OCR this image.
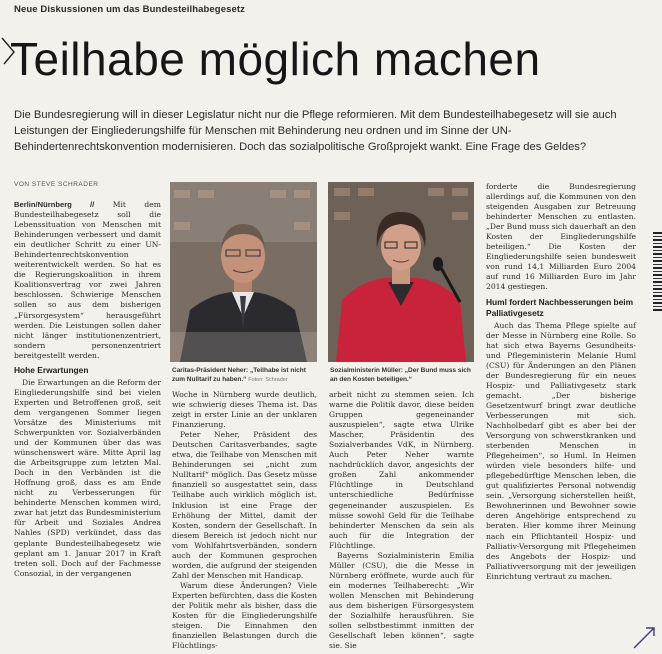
Neue Diskussionen um das Bundesteilhabegesetz
Teilhabe möglich machen

Die Bundesregierung will in dieser Legislatur nicht nur die Pflege reformieren. Mit dem Bundesteilhabegesetz will sie auch Leistungen der Eingliederungshilfe für Menschen mit Behinderung neu ordnen und im Sinne der UN-Behindertenrechtskonvention modernisieren. Doch das sozialpolitische Großprojekt wankt. Eine Frage des Geldes?

VON STEVE SCHRADER

Berlin/Nürnberg // Mit dem Bundesteilhabegesetz soll die Lebenssituation von Menschen mit Behinderungen verbessert und damit ein deutlicher Schritt zu einer UN-Behindertenrechtskonvention weiterentwickelt werden. So hat es die Regierungskoalition in ihrem Koalitionsvertrag vor zwei Jahren beschlossen. Schwierige Menschen sollen so aus dem bisherigen „Fürsorgesystem“ herausgeführt werden. Die Leistungen sollen daher nicht länger institutionenzentriert, sondern personenzentriert bereitgestellt werden.

Hohe Erwartungen

Die Erwartungen an die Reform der Eingliederungshilfe sind bei vielen Experten und Betroffenen groß, seit dem vergangenen Sommer liegen Vorsätze des Ministeriums mit Schwerpunkten vor. Sozialverbänden und der Kommunen über das was wünschenswert wäre. Mitte April lag die Arbeitsgruppe zum letzten Mal. Doch in den Verbänden ist die Hoffnung groß, dass es am Ende nicht zu Verbesserungen für behinderte Menschen kommen wird, zwar hat jetzt das Bundesministerium für Arbeit und Soziales Andrea Nahles (SPD) verkündet, dass das geplante Bundesteilhabegesetz wie geplant am 1. Januar 2017 in Kraft treten soll. Doch auf der Fachmesse Consozial, in der vergangenen

Caritas-Präsident Neher: „Teilhabe ist nicht zum Nulltarif zu haben.“ Foton: Schrader
Sozialministerin Müller: „Der Bund muss sich an den Kosten beteiligen.“

Woche in Nürnberg wurde deutlich, wie schwierig dieses Thema ist. Das zeigt in erster Linie an der unklaren Finanzierung.

Peter Neher, Präsident des Deutschen Caritasverbandes, sagte etwa, die Teilhabe von Menschen mit Behinderungen sei „nicht zum Nulltarif“ möglich. Das Gesetz müsse finanziell so ausgestattet sein, dass Teilhabe auch wirklich möglich ist. Inklusion ist eine Frage der Erhöhung der Mittel, damit der Kosten, sondern der Gesellschaft. In diesem Bereich ist jedoch nicht nur vom Wohlfahrtsverbänden, sondern auch der Kommunen gesprochen worden, die aufgrund der steigenden Zahl der Menschen mit Handicap.

Warum diese Änderungen? Viele Experten befürchten, dass die Kosten der Politik mehr als bisher, dass die Kosten für die Eingliederungshilfe steigen. Die Einnahmen den finanziellen Belastungen durch die Flüchtlings-

arbeit nicht zu stemmen seien. Ich warne die Politik davor, diese beiden Gruppen gegeneinander auszuspielen“, sagte etwa Ulrike Mascher, Präsidentin des Sozialverbandes VdK, in Nürnberg. Auch Peter Neher warnte nachdrücklich davor, angesichts der großen Zahl ankommender Flüchtlinge in Deutschland unterschiedliche Bedürfnisse gegeneinander auszuspielen. Es müsse sowohl Geld für die Teilhabe behinderter Menschen da sein als auch für die Integration der Flüchtlinge.

Bayerns Sozialministerin Emilia Müller (CSU), die die Messe in Nürnberg eröffnete, wurde auch für ein modernes Teilhaberecht: „Wir wollen Menschen mit Behinderung aus dem bisherigen Fürsorgesystem der Sozialhilfe herausführen. Sie sollen selbstbestimmt inmitten der Gesellschaft leben können“, sagte sie. Sie

forderte die Bundesregierung allerdings auf, die Kommunen von den steigenden Ausgaben zur Betreuung behinderter Menschen zu entlasten. „Der Bund muss sich dauerhaft an den Kosten der Eingliederungshilfe beteiligen.“ Die Kosten der Eingliederungshilfe seien bundesweit von rund 14,1 Milliarden Euro 2004 auf rund 16 Milliarden Euro im Jahr 2014 gestiegen.

Huml fordert Nachbesserungen beim Palliativgesetz

Auch das Thema Pflege spielte auf der Messe in Nürnberg eine Rolle. So hat sich etwa Bayerns Gesundheits- und Pflegeministerin Melanie Huml (CSU) für Änderungen an den Plänen der Bundesregierung für ein neues Hospiz- und Palliativgesetz stark gemacht. „Der bisherige Gesetzentwurf bringt zwar deutliche Verbesserungen mit sich. Nachholbedarf gibt es aber bei der Versorgung von schwerstkranken und sterbenden Menschen in Pflegeheimen“, so Huml. In Heimen würden viele besonders hilfe- und pflegebedürftige Menschen leben, die gut qualifiziertes Personal notwendig sein. „Versorgung sicherstellen heißt, Bewohnerinnen und Bewohner sowie deren Angehörige entsprechend zu beraten. Hier komme ihrer Meinung nach ein Pflichtanteil Hospiz- und Palliativ-Versorgung mit Pflegeheimen des Angebots der Hospiz- und Palliativversorgung mit der jeweiligen Einrichtung vertraut zu machen.
